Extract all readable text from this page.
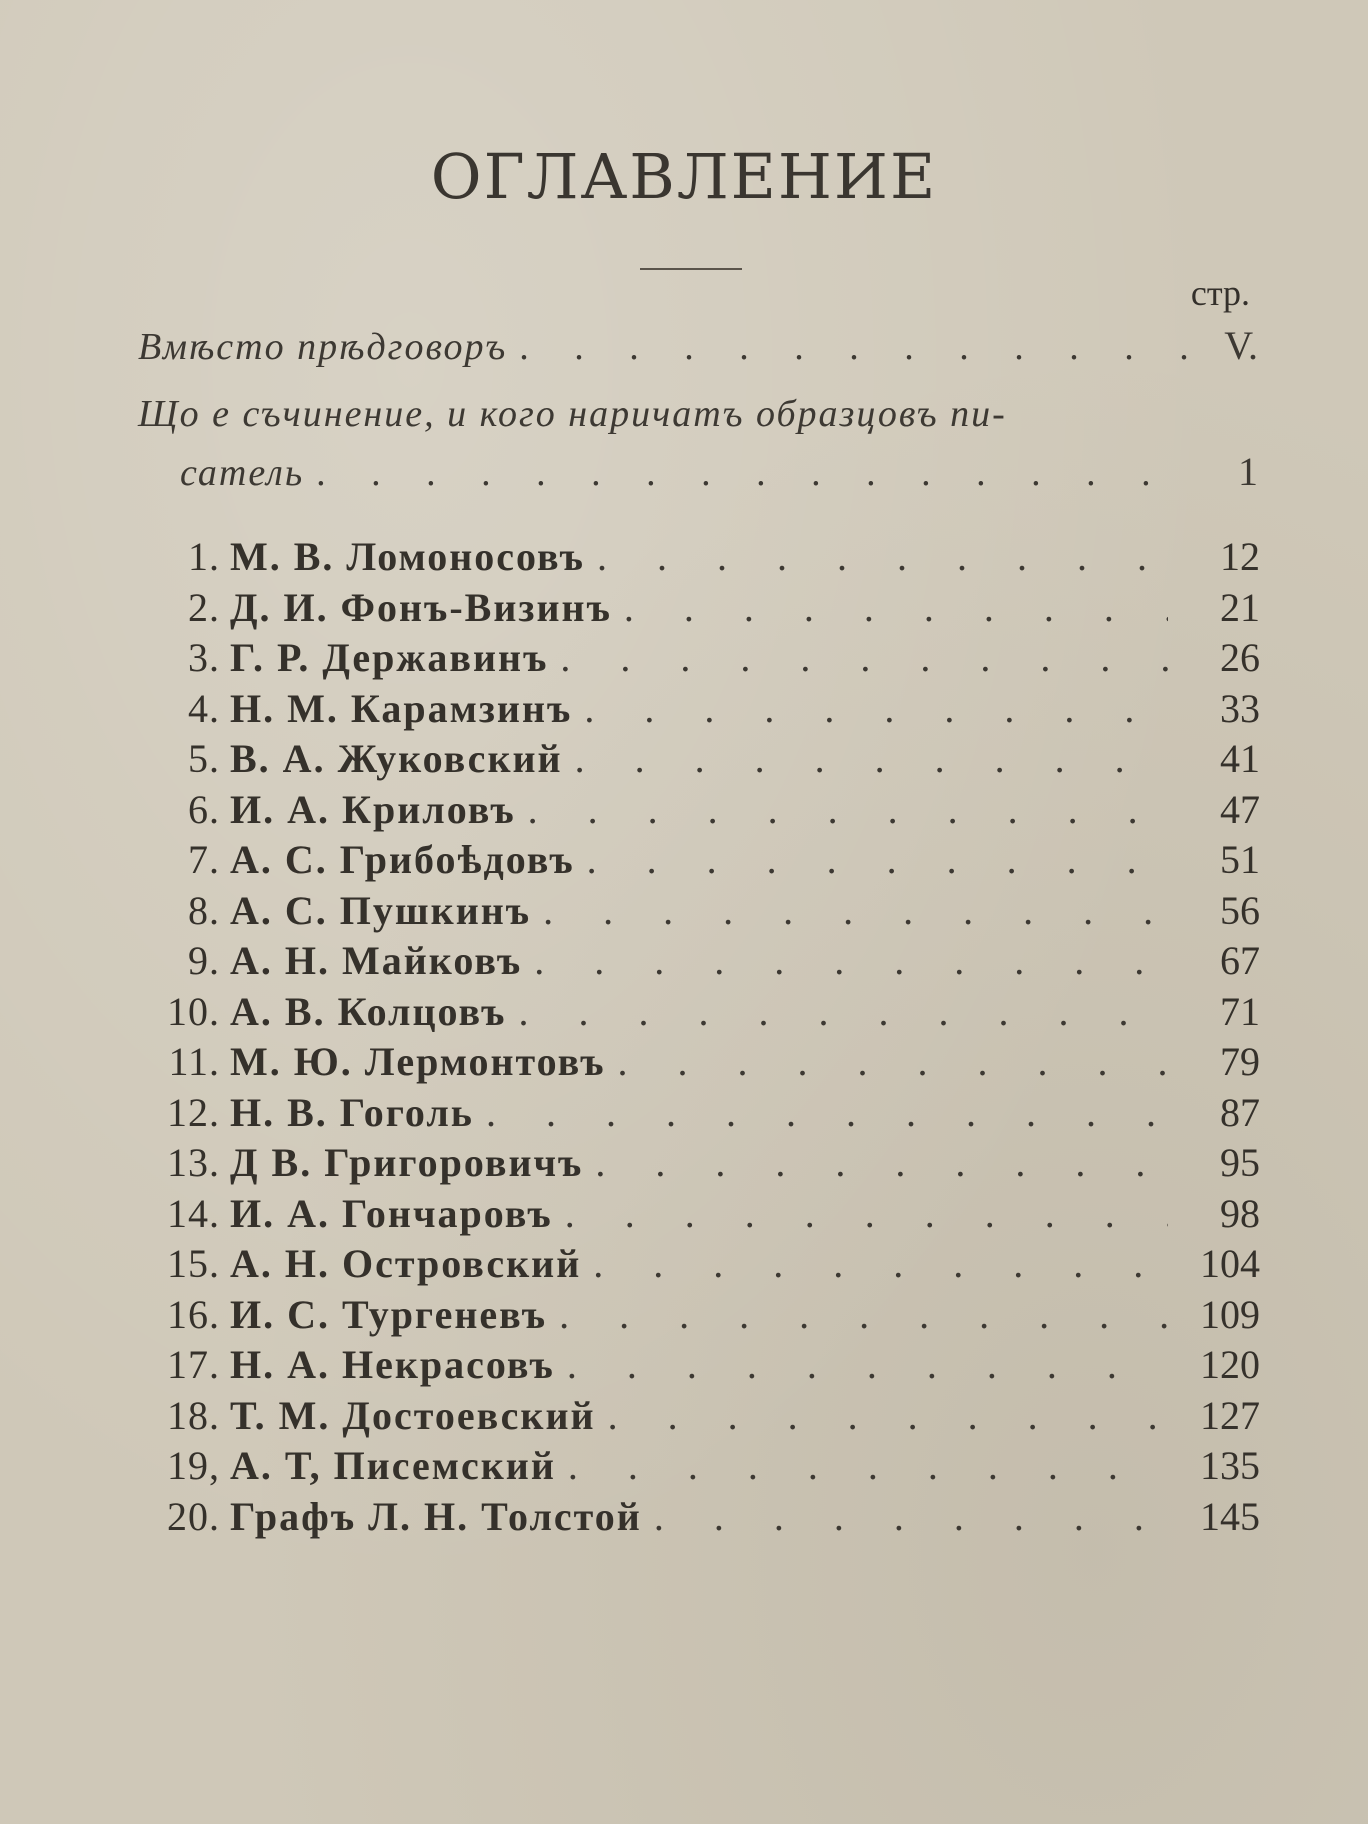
ОГЛАВЛЕНИЕ
стр.
Вмѣсто прѣдговоръ . . .	V.
Що е съчинение, и кого наричатъ образцовъ пи-
сатель . . .	1
1. М. В. Ломоносовъ . . .	12
2. Д. И. Фонъ-Визинъ . . .	21
3. Г. Р. Державинъ . . .	26
4. Н. М. Карамзинъ . . .	33
5. В. А. Жуковский . . .	41
6. И. А. Криловъ . . .	47
7. А. С. Грибоѣдовъ . . .	51
8. А. С. Пушкинъ . . .	56
9. А. Н. Майковъ . . .	67
10. А. В. Колцовъ . . .	71
11. М. Ю. Лермонтовъ . . .	79
12. Н. В. Гоголь . . .	87
13. Д В. Григоровичъ . . .	95
14. И. А. Гончаровъ . . .	98
15. А. Н. Островский . . .	104
16. И. С. Тургеневъ . . .	109
17. Н. А. Некрасовъ . . .	120
18. Т. М. Достоевский . . .	127
19, А. Т, Писемский . . .	135
20. Графъ Л. Н. Толстой . . .	145
